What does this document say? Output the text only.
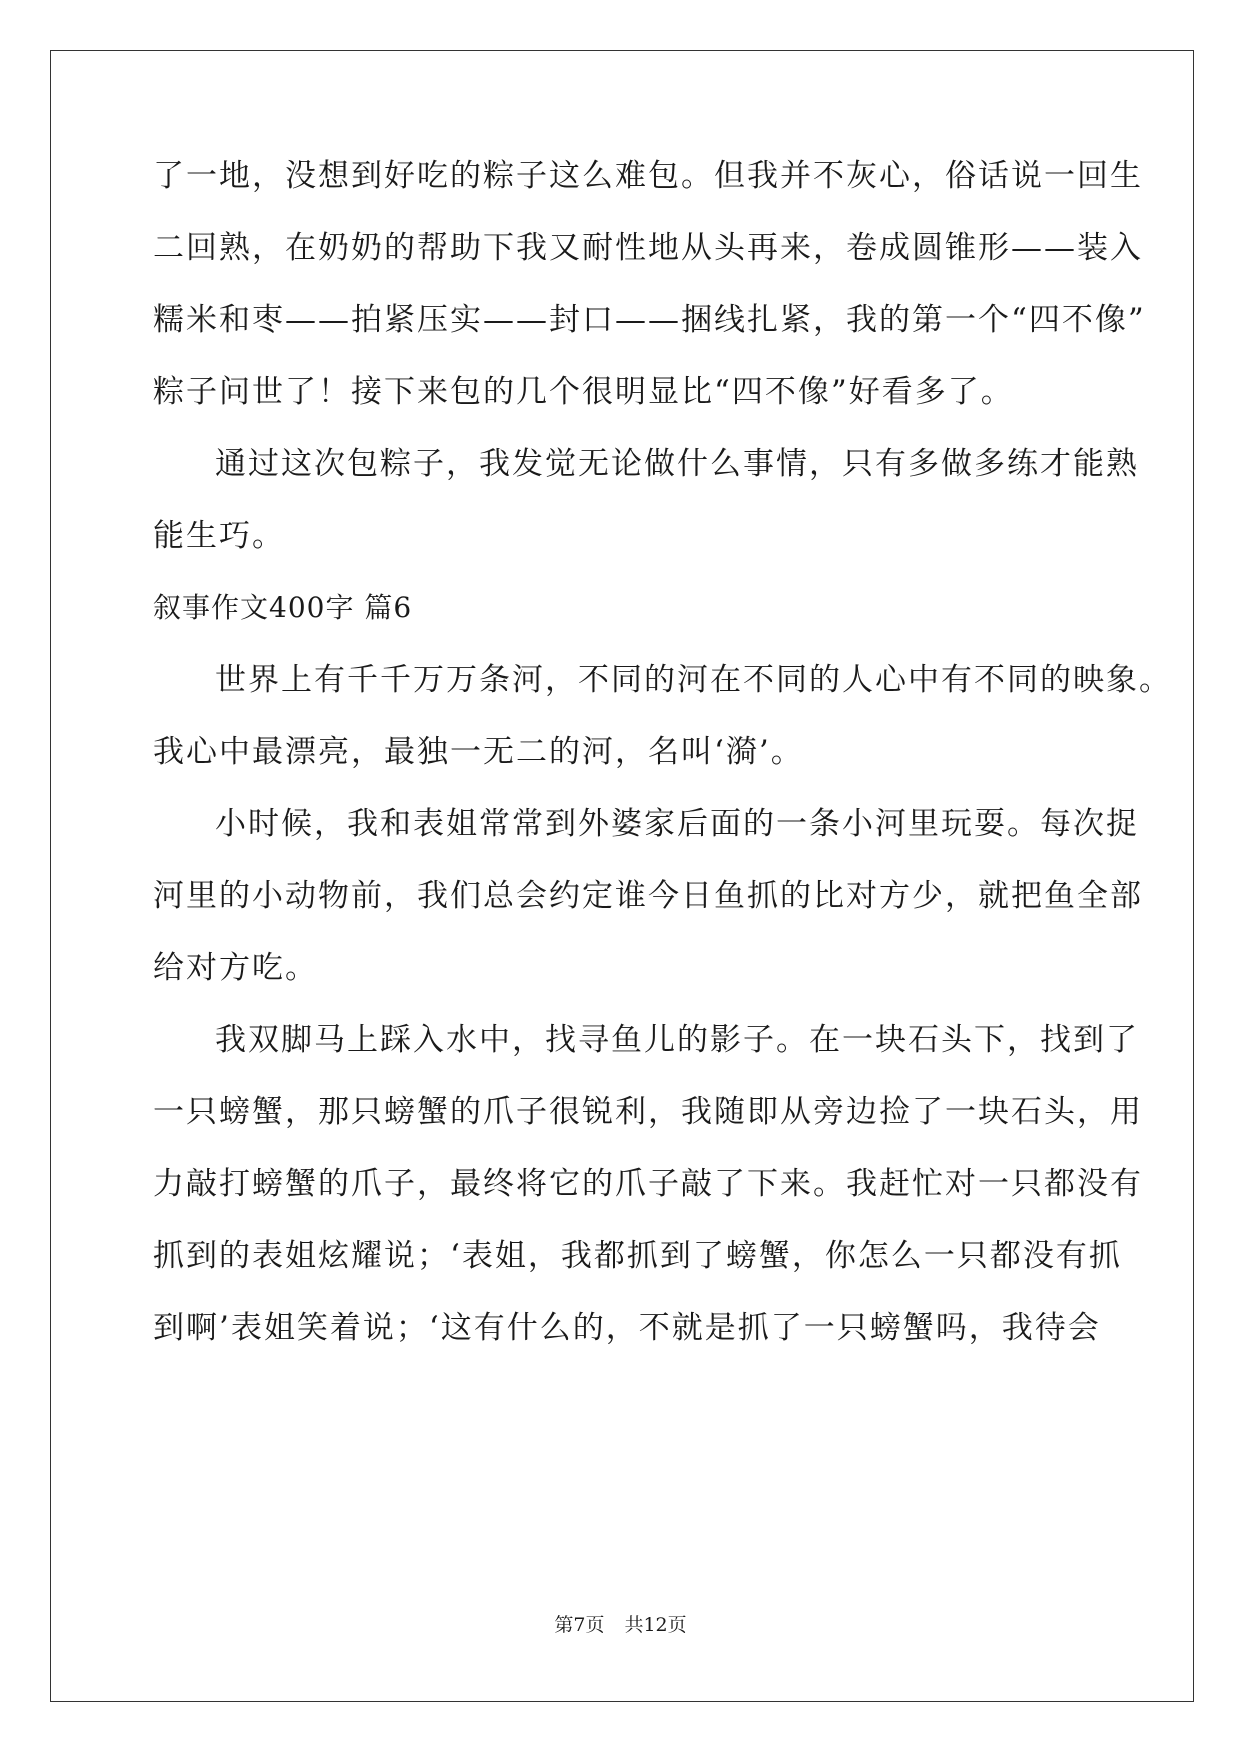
了一地，没想到好吃的粽子这么难包。但我并不灰心，俗话说一回生
二回熟，在奶奶的帮助下我又耐性地从头再来，卷成圆锥形——装入
糯米和枣——拍紧压实——封口——捆线扎紧，我的第一个“四不像”
粽子问世了！接下来包的几个很明显比“四不像”好看多了。
通过这次包粽子，我发觉无论做什么事情，只有多做多练才能熟
能生巧。
叙事作文400字 篇6
世界上有千千万万条河，不同的河在不同的人心中有不同的映象。
我心中最漂亮，最独一无二的河，名叫‘漪’。
小时候，我和表姐常常到外婆家后面的一条小河里玩耍。每次捉
河里的小动物前，我们总会约定谁今日鱼抓的比对方少，就把鱼全部
给对方吃。
我双脚马上踩入水中，找寻鱼儿的影子。在一块石头下，找到了
一只螃蟹，那只螃蟹的爪子很锐利，我随即从旁边捡了一块石头，用
力敲打螃蟹的爪子，最终将它的爪子敲了下来。我赶忙对一只都没有
抓到的表姐炫耀说；‘表姐，我都抓到了螃蟹，你怎么一只都没有抓
到啊’表姐笑着说；‘这有什么的，不就是抓了一只螃蟹吗，我待会
第7页 共12页
